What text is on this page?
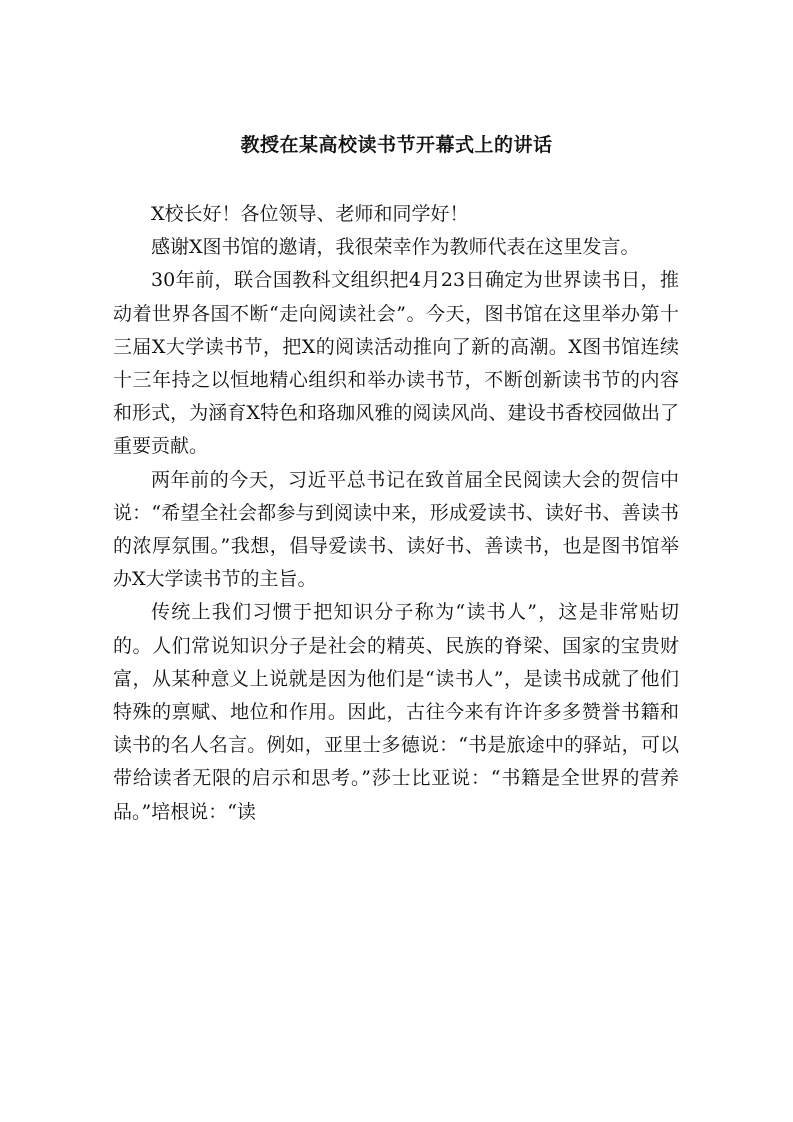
教授在某高校读书节开幕式上的讲话

X校长好！各位领导、老师和同学好！

感谢X图书馆的邀请，我很荣幸作为教师代表在这里发言。

30年前，联合国教科文组织把4月23日确定为世界读书日，推动着世界各国不断“走向阅读社会”。今天，图书馆在这里举办第十三届X大学读书节，把X的阅读活动推向了新的高潮。X图书馆连续十三年持之以恒地精心组织和举办读书节，不断创新读书节的内容和形式，为涵育X特色和珞珈风雅的阅读风尚、建设书香校园做出了重要贡献。

两年前的今天，习近平总书记在致首届全民阅读大会的贺信中说：“希望全社会都参与到阅读中来，形成爱读书、读好书、善读书的浓厚氛围。”我想，倡导爱读书、读好书、善读书，也是图书馆举办X大学读书节的主旨。

传统上我们习惯于把知识分子称为“读书人”，这是非常贴切的。人们常说知识分子是社会的精英、民族的脊梁、国家的宝贵财富，从某种意义上说就是因为他们是“读书人”，是读书成就了他们特殊的禀赋、地位和作用。因此，古往今来有许许多多赞誉书籍和读书的名人名言。例如，亚里士多德说：“书是旅途中的驿站，可以带给读者无限的启示和思考。”莎士比亚说：“书籍是全世界的营养品。”培根说：“读
